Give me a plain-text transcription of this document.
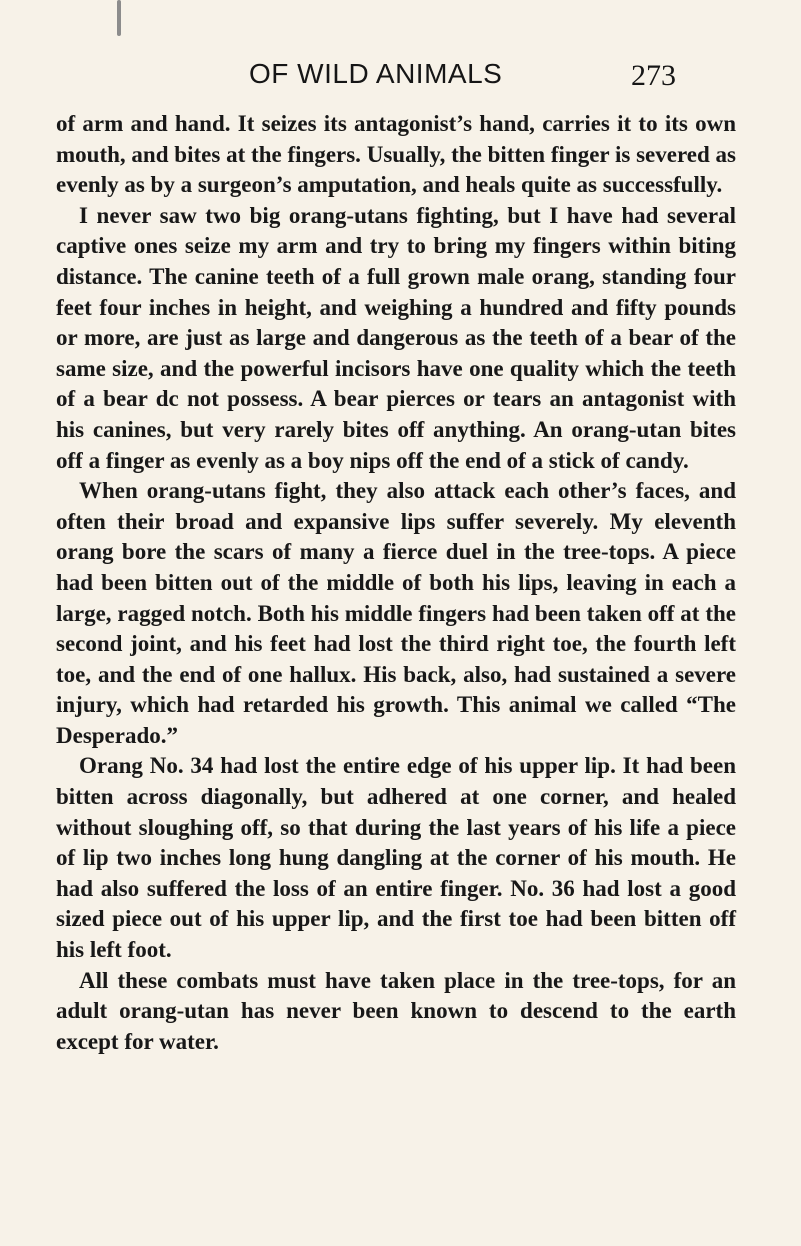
OF WILD ANIMALS	273

of arm and hand. It seizes its antagonist’s hand, carries it to its own mouth, and bites at the fingers. Usually, the bitten finger is severed as evenly as by a surgeon’s amputation, and heals quite as successfully.

I never saw two big orang-utans fighting, but I have had several captive ones seize my arm and try to bring my fingers within biting distance. The canine teeth of a full grown male orang, standing four feet four inches in height, and weighing a hundred and fifty pounds or more, are just as large and dangerous as the teeth of a bear of the same size, and the powerful incisors have one quality which the teeth of a bear dc not possess. A bear pierces or tears an antagonist with his canines, but very rarely bites off anything. An orang-utan bites off a finger as evenly as a boy nips off the end of a stick of candy.

When orang-utans fight, they also attack each other’s faces, and often their broad and expansive lips suffer severely. My eleventh orang bore the scars of many a fierce duel in the tree-tops. A piece had been bitten out of the middle of both his lips, leaving in each a large, ragged notch. Both his middle fingers had been taken off at the second joint, and his feet had lost the third right toe, the fourth left toe, and the end of one hallux. His back, also, had sustained a severe injury, which had retarded his growth. This animal we called “The Desperado.”

Orang No. 34 had lost the entire edge of his upper lip. It had been bitten across diagonally, but adhered at one corner, and healed without sloughing off, so that during the last years of his life a piece of lip two inches long hung dangling at the corner of his mouth. He had also suffered the loss of an entire finger. No. 36 had lost a good sized piece out of his upper lip, and the first toe had been bitten off his left foot.

All these combats must have taken place in the tree-tops, for an adult orang-utan has never been known to descend to the earth except for water.
